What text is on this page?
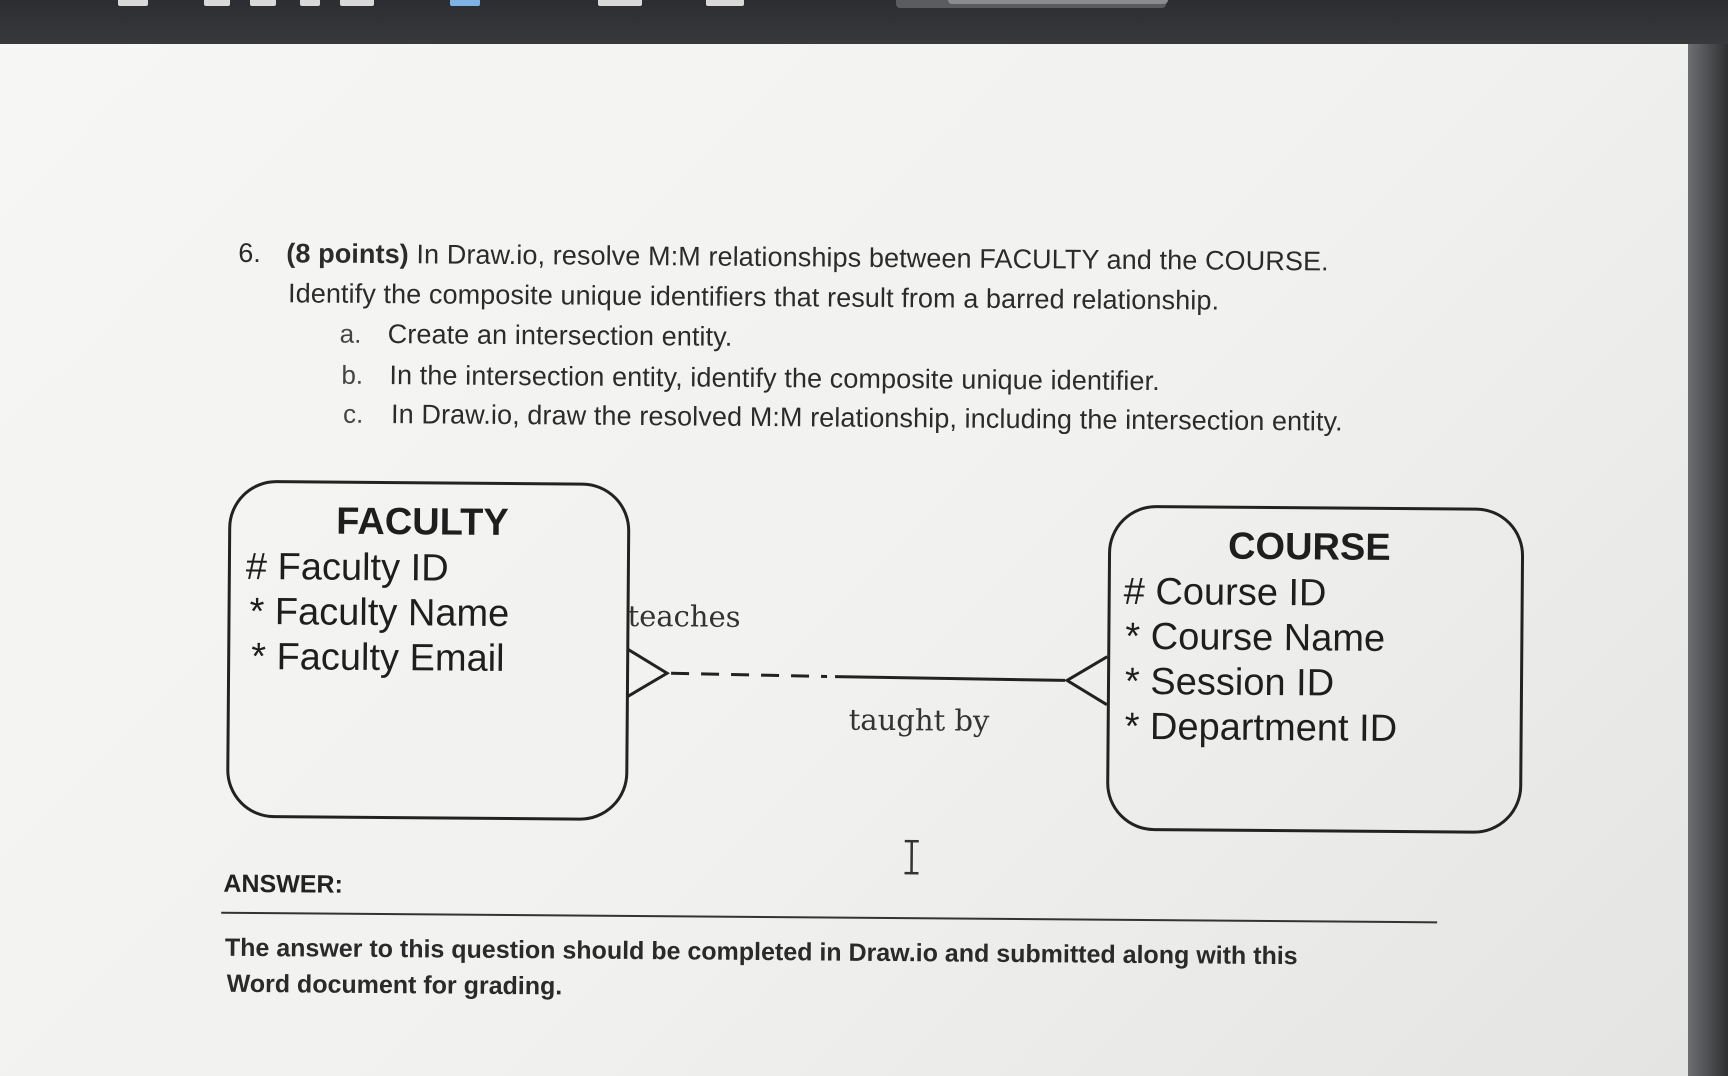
6. (8 points) In Draw.io, resolve M:M relationships between FACULTY and the COURSE.
Identify the composite unique identifiers that result from a barred relationship.
a. Create an intersection entity.
b. In the intersection entity, identify the composite unique identifier.
c. In Draw.io, draw the resolved M:M relationship, including the intersection entity.
FACULTY
# Faculty ID
* Faculty Name
* Faculty Email
COURSE
# Course ID
* Course Name
* Session ID
* Department ID
teaches
taught by
ANSWER:
The answer to this question should be completed in Draw.io and submitted along with this
Word document for grading.
